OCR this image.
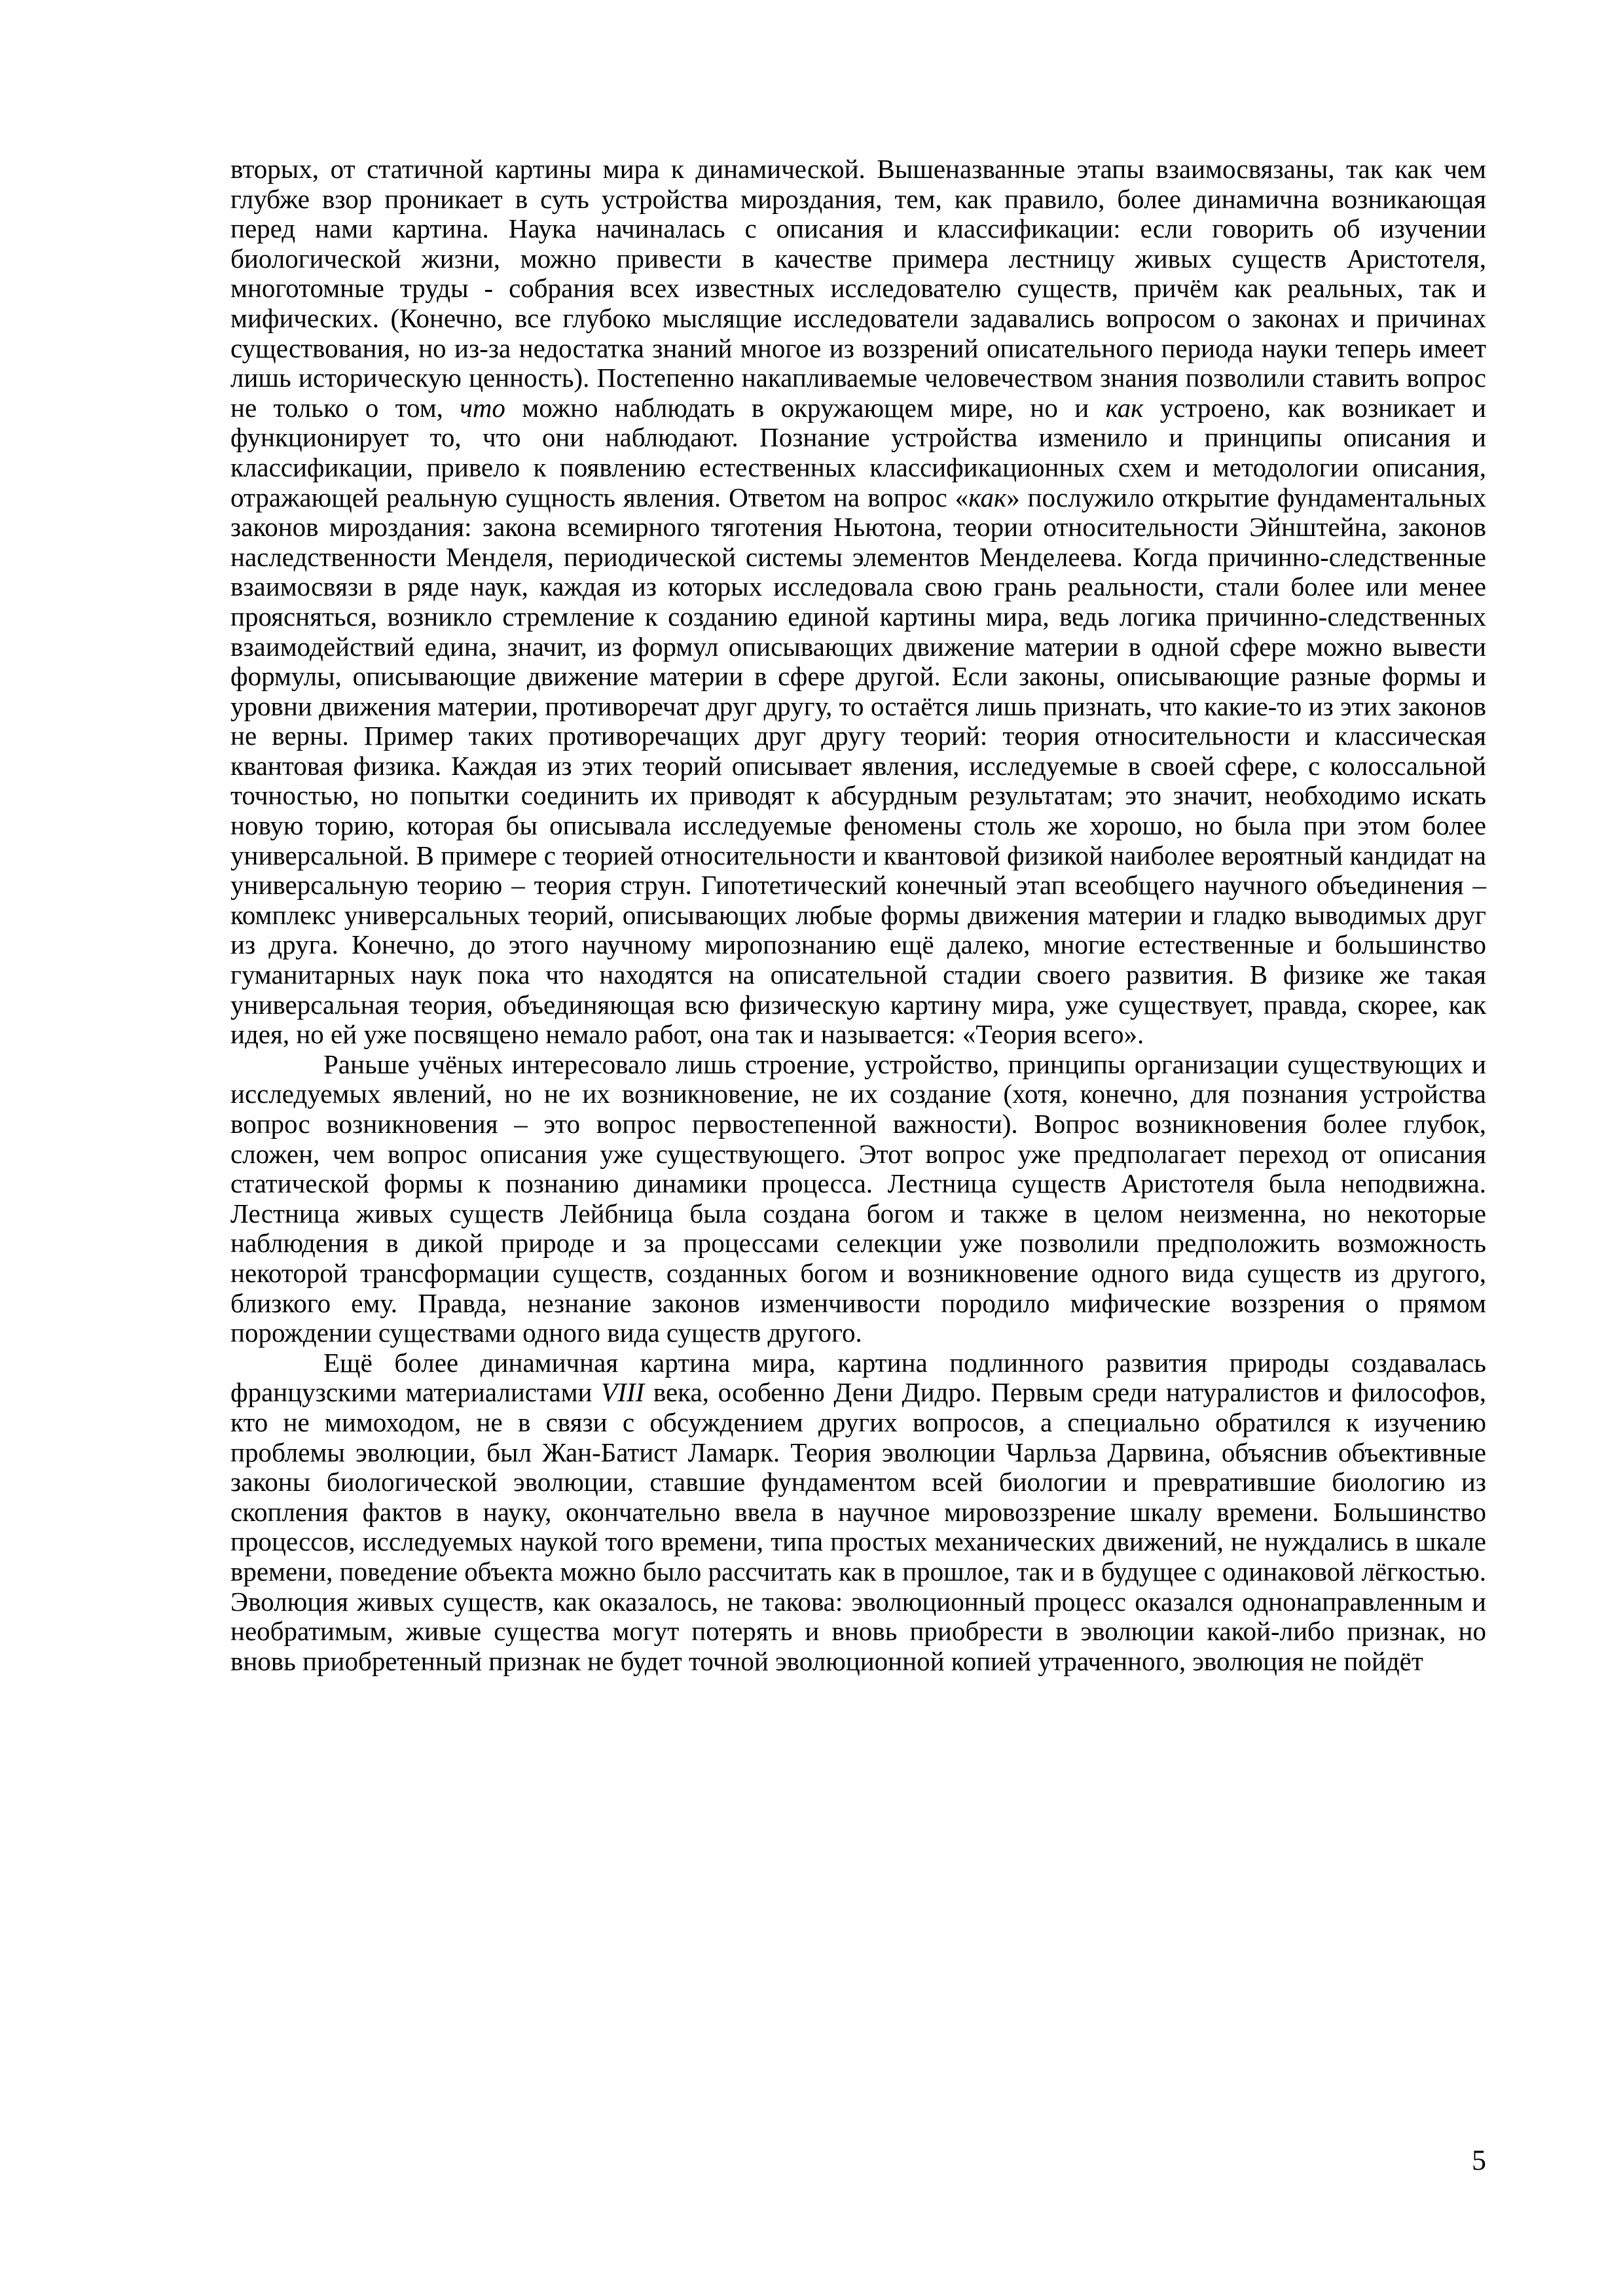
вторых, от статичной картины мира к динамической. Вышеназванные этапы взаимосвязаны, так как чем глубже взор проникает в суть устройства мироздания, тем, как правило, более динамична возникающая перед нами картина. Наука начиналась с описания и классификации: если говорить об изучении биологической жизни, можно привести в качестве примера лестницу живых существ Аристотеля, многотомные труды - собрания всех известных исследователю существ, причём как реальных, так и мифических. (Конечно, все глубоко мыслящие исследователи задавались вопросом о законах и причинах существования, но из-за недостатка знаний многое из воззрений описательного периода науки теперь имеет лишь историческую ценность). Постепенно накапливаемые человечеством знания позволили ставить вопрос не только о том, что можно наблюдать в окружающем мире, но и как устроено, как возникает и функционирует то, что они наблюдают. Познание устройства изменило и принципы описания и классификации, привело к появлению естественных классификационных схем и методологии описания, отражающей реальную сущность явления. Ответом на вопрос «как» послужило открытие фундаментальных законов мироздания: закона всемирного тяготения Ньютона, теории относительности Эйнштейна, законов наследственности Менделя, периодической системы элементов Менделеева. Когда причинно-следственные взаимосвязи в ряде наук, каждая из которых исследовала свою грань реальности, стали более или менее проясняться, возникло стремление к созданию единой картины мира, ведь логика причинно-следственных взаимодействий едина, значит, из формул описывающих движение материи в одной сфере можно вывести формулы, описывающие движение материи в сфере другой. Если законы, описывающие разные формы и уровни движения материи, противоречат друг другу, то остаётся лишь признать, что какие-то из этих законов не верны. Пример таких противоречащих друг другу теорий: теория относительности и классическая квантовая физика. Каждая из этих теорий описывает явления, исследуемые в своей сфере, с колоссальной точностью, но попытки соединить их приводят к абсурдным результатам; это значит, необходимо искать новую торию, которая бы описывала исследуемые феномены столь же хорошо, но была при этом более универсальной. В примере с теорией относительности и квантовой физикой наиболее вероятный кандидат на универсальную теорию – теория струн. Гипотетический конечный этап всеобщего научного объединения – комплекс универсальных теорий, описывающих любые формы движения материи и гладко выводимых друг из друга. Конечно, до этого научному миропознанию ещё далеко, многие естественные и большинство гуманитарных наук пока что находятся на описательной стадии своего развития. В физике же такая универсальная теория, объединяющая всю физическую картину мира, уже существует, правда, скорее, как идея, но ей уже посвящено немало работ, она так и называется: «Теория всего».

Раньше учёных интересовало лишь строение, устройство, принципы организации существующих и исследуемых явлений, но не их возникновение, не их создание (хотя, конечно, для познания устройства вопрос возникновения – это вопрос первостепенной важности). Вопрос возникновения более глубок, сложен, чем вопрос описания уже существующего. Этот вопрос уже предполагает переход от описания статической формы к познанию динамики процесса. Лестница существ Аристотеля была неподвижна. Лестница живых существ Лейбница была создана богом и также в целом неизменна, но некоторые наблюдения в дикой природе и за процессами селекции уже позволили предположить возможность некоторой трансформации существ, созданных богом и возникновение одного вида существ из другого, близкого ему. Правда, незнание законов изменчивости породило мифические воззрения о прямом порождении существами одного вида существ другого.

Ещё более динамичная картина мира, картина подлинного развития природы создавалась французскими материалистами VIII века, особенно Дени Дидро. Первым среди натуралистов и философов, кто не мимоходом, не в связи с обсуждением других вопросов, а специально обратился к изучению проблемы эволюции, был Жан-Батист Ламарк. Теория эволюции Чарльза Дарвина, объяснив объективные законы биологической эволюции, ставшие фундаментом всей биологии и превратившие биологию из скопления фактов в науку, окончательно ввела в научное мировоззрение шкалу времени. Большинство процессов, исследуемых наукой того времени, типа простых механических движений, не нуждались в шкале времени, поведение объекта можно было рассчитать как в прошлое, так и в будущее с одинаковой лёгкостью. Эволюция живых существ, как оказалось, не такова: эволюционный процесс оказался однонаправленным и необратимым, живые существа могут потерять и вновь приобрести в эволюции какой-либо признак, но вновь приобретенный признак не будет точной эволюционной копией утраченного, эволюция не пойдёт

5
